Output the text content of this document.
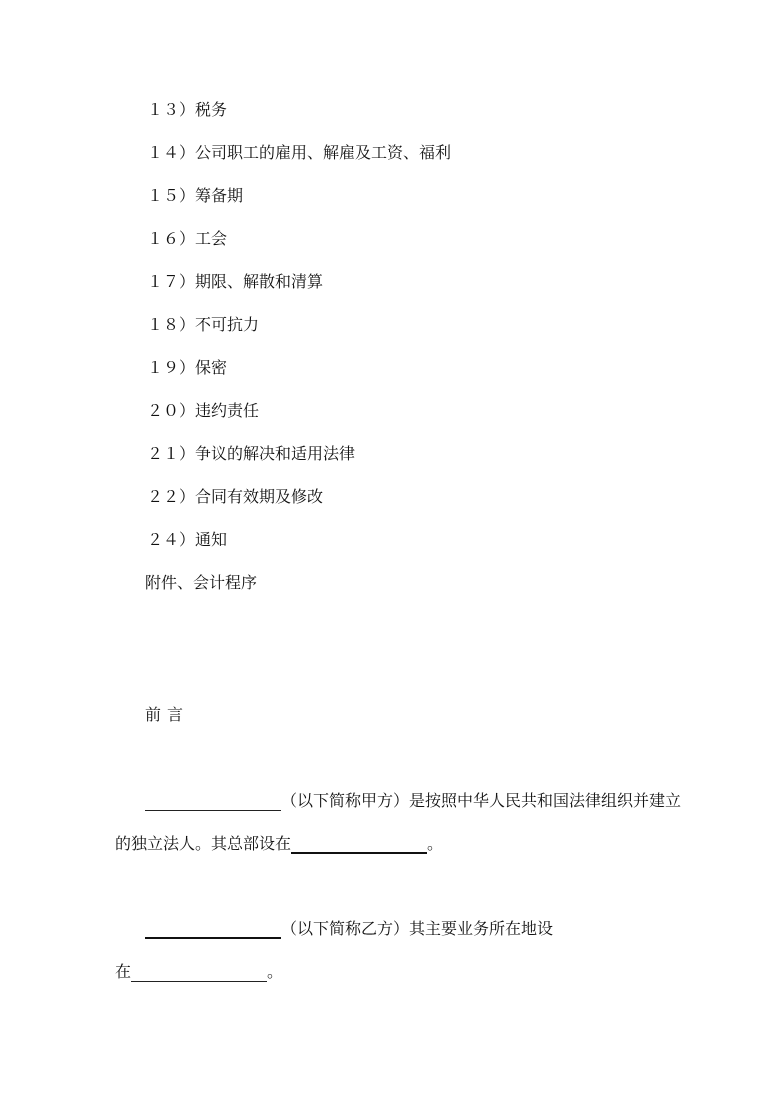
１３）税务
１４）公司职工的雇用、解雇及工资、福利
１５）筹备期
１６）工会
１７）期限、解散和清算
１８）不可抗力
１９）保密
２０）违约责任
２１）争议的解决和适用法律
２２）合同有效期及修改
２４）通知
附件、会计程序
前言
（以下简称甲方）是按照中华人民共和国法律组织并建立
的独立法人。其总部设在	。
（以下简称乙方）其主要业务所在地设
在	。
